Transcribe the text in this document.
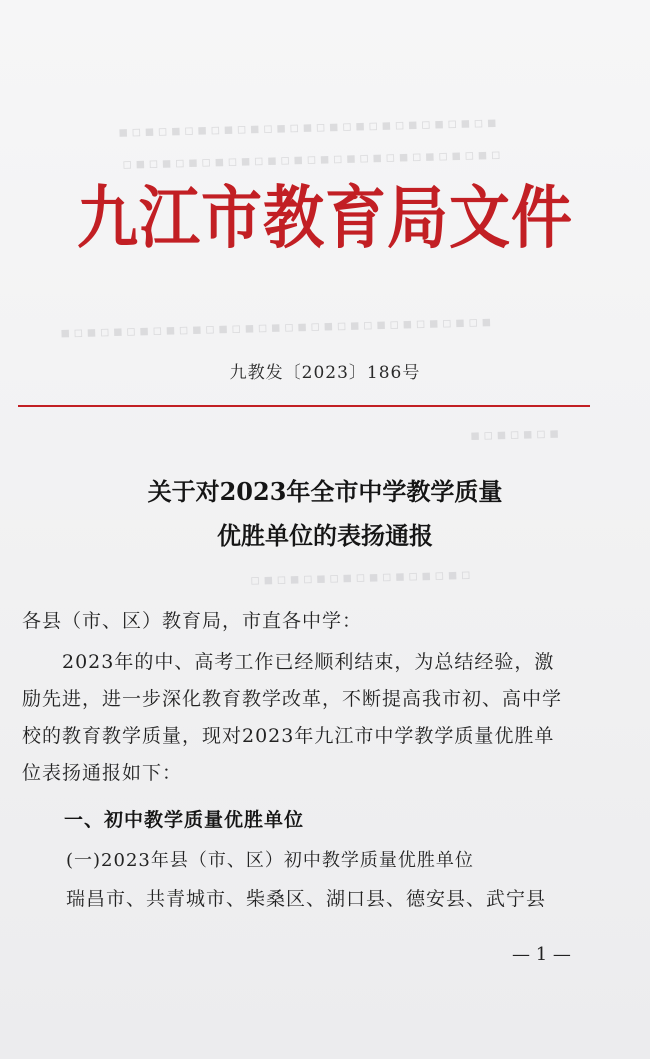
▪▫▪▫▪▫▪▫▪▫▪▫▪▫▪▫▪▫▪▫▪▫▪▫▪▫▪▫▪
▫▪▫▪▫▪▫▪▫▪▫▪▫▪▫▪▫▪▫▪▫▪▫▪▫▪▫▪▫
▪▫▪▫▪▫▪▫▪▫▪▫▪▫▪▫▪▫▪▫▪▫▪▫▪▫▪▫▪▫▪▫▪
▪▫▪▫▪▫▪
▫▪▫▪▫▪▫▪▫▪▫▪▫▪▫▪▫
九江市教育局文件
九教发〔2023〕186号
关于对2023年全市中学教学质量
优胜单位的表扬通报
各县（市、区）教育局，市直各中学：
　　2023年的中、高考工作已经顺利结束，为总结经验，激
励先进，进一步深化教育教学改革，不断提高我市初、高中学
校的教育教学质量，现对2023年九江市中学教学质量优胜单
位表扬通报如下：
一、初中教学质量优胜单位
(一)2023年县（市、区）初中教学质量优胜单位
瑞昌市、共青城市、柴桑区、湖口县、德安县、武宁县
— 1 —
